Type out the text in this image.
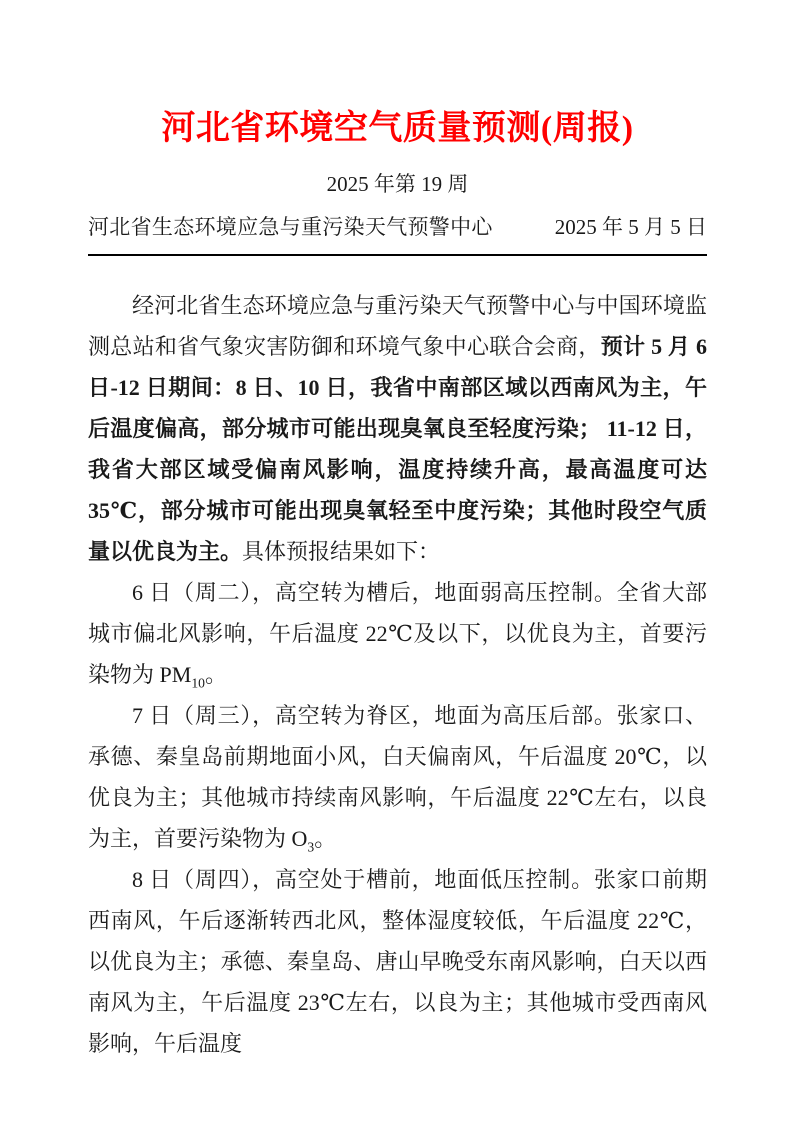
河北省环境空气质量预测(周报)
2025 年第 19 周
河北省生态环境应急与重污染天气预警中心	2025 年 5 月 5 日

经河北省生态环境应急与重污染天气预警中心与中国环境监测总站和省气象灾害防御和环境气象中心联合会商，预计 5 月 6 日-12 日期间：8 日、10 日，我省中南部区域以西南风为主，午后温度偏高，部分城市可能出现臭氧良至轻度污染； 11-12 日，我省大部区域受偏南风影响，温度持续升高，最高温度可达 35℃，部分城市可能出现臭氧轻至中度污染；其他时段空气质量以优良为主。具体预报结果如下：

6 日（周二），高空转为槽后，地面弱高压控制。全省大部城市偏北风影响，午后温度 22℃及以下，以优良为主，首要污染物为 $PM_{10}$。

7 日（周三），高空转为脊区，地面为高压后部。张家口、承德、秦皇岛前期地面小风，白天偏南风，午后温度 20℃，以优良为主；其他城市持续南风影响，午后温度 22℃左右，以良为主，首要污染物为 $O_3$。

8 日（周四），高空处于槽前，地面低压控制。张家口前期西南风，午后逐渐转西北风，整体湿度较低，午后温度 22℃，以优良为主；承德、秦皇岛、唐山早晚受东南风影响，白天以西南风为主，午后温度 23℃左右，以良为主；其他城市受西南风影响，午后温度
